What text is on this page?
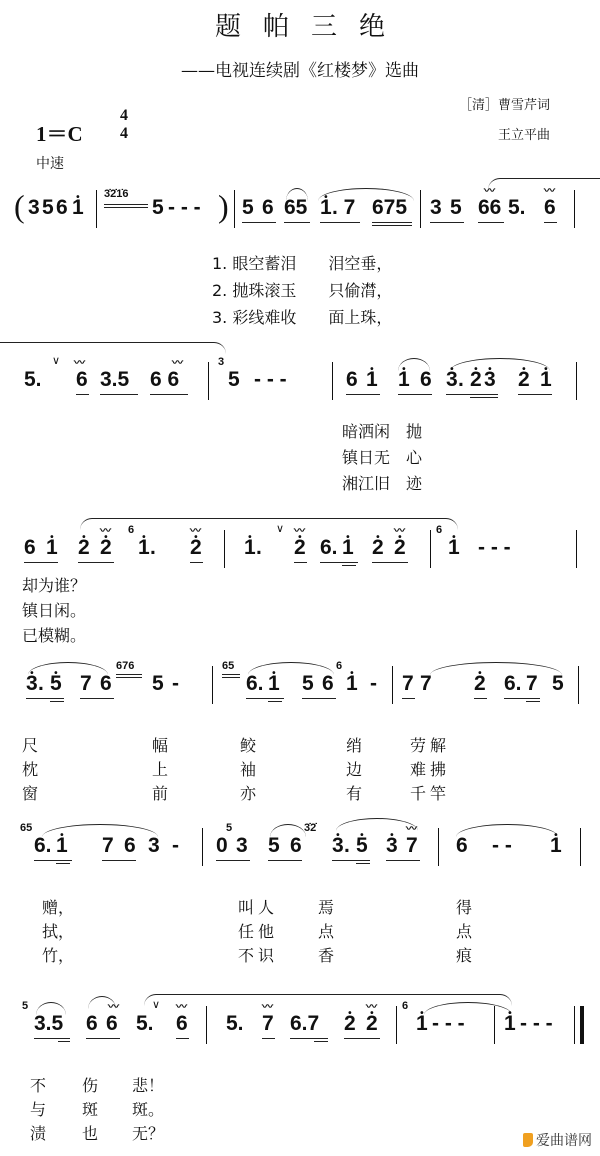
题帕三绝
——电视连续剧《红楼梦》选曲
1＝C
4
4
［清］曹雪芹词
王立平曲
中速
( 3 5 6 • 1
3̇2̇1̇6
5 - - - ) 5 6 65 • 1 . 7 675 3 5
〰
66 5.
〰
6
1. 眼空蓄泪　　泪空垂，
2. 抛珠滚玉　　只偷潸，
3. 彩线难收　　面上珠，
5.
∨ 〰
6 3.5 6 6
〰	3
5 - - -	6 • 1 • 1 6 • 3 . • 2 • 3 • 2 • 1
暗洒闲　抛
镇日无　心
湘江旧　迹
6 • 1 • 2 • 2
〰 6
• 1 . • 2
〰
• 1 .
∨ 〰
• 2 6. • 1 • 2 • 2
〰	6
• 1 - - -
却为谁？
镇日闲。
已模糊。
• 3 . • 5 7 6
676
5 -
65
6. • 1 5 6
6
• 1 - 7 7 • 2 6. 7 5
尺	幅	鲛	绡	劳解
枕	上	袖	边	难拂
窗	前	亦	有	千竿
65
6. • 1 7 6 3 - 0
5
3 5 6
3̇2̇
• 3 . • 5 • 3 7
〰
6 - - • 1
赠，	叫人 焉	得
拭，	任他 点	点
竹，	不识 香	痕
5
3.5 6 6
〰
5.
∨ 〰
6 5.
〰
7 6.7 • 2 • 2
〰 6
• 1 - - - • 1 - - -
不 伤 悲！
与 斑 斑。
渍 也 无？	爱曲谱网
